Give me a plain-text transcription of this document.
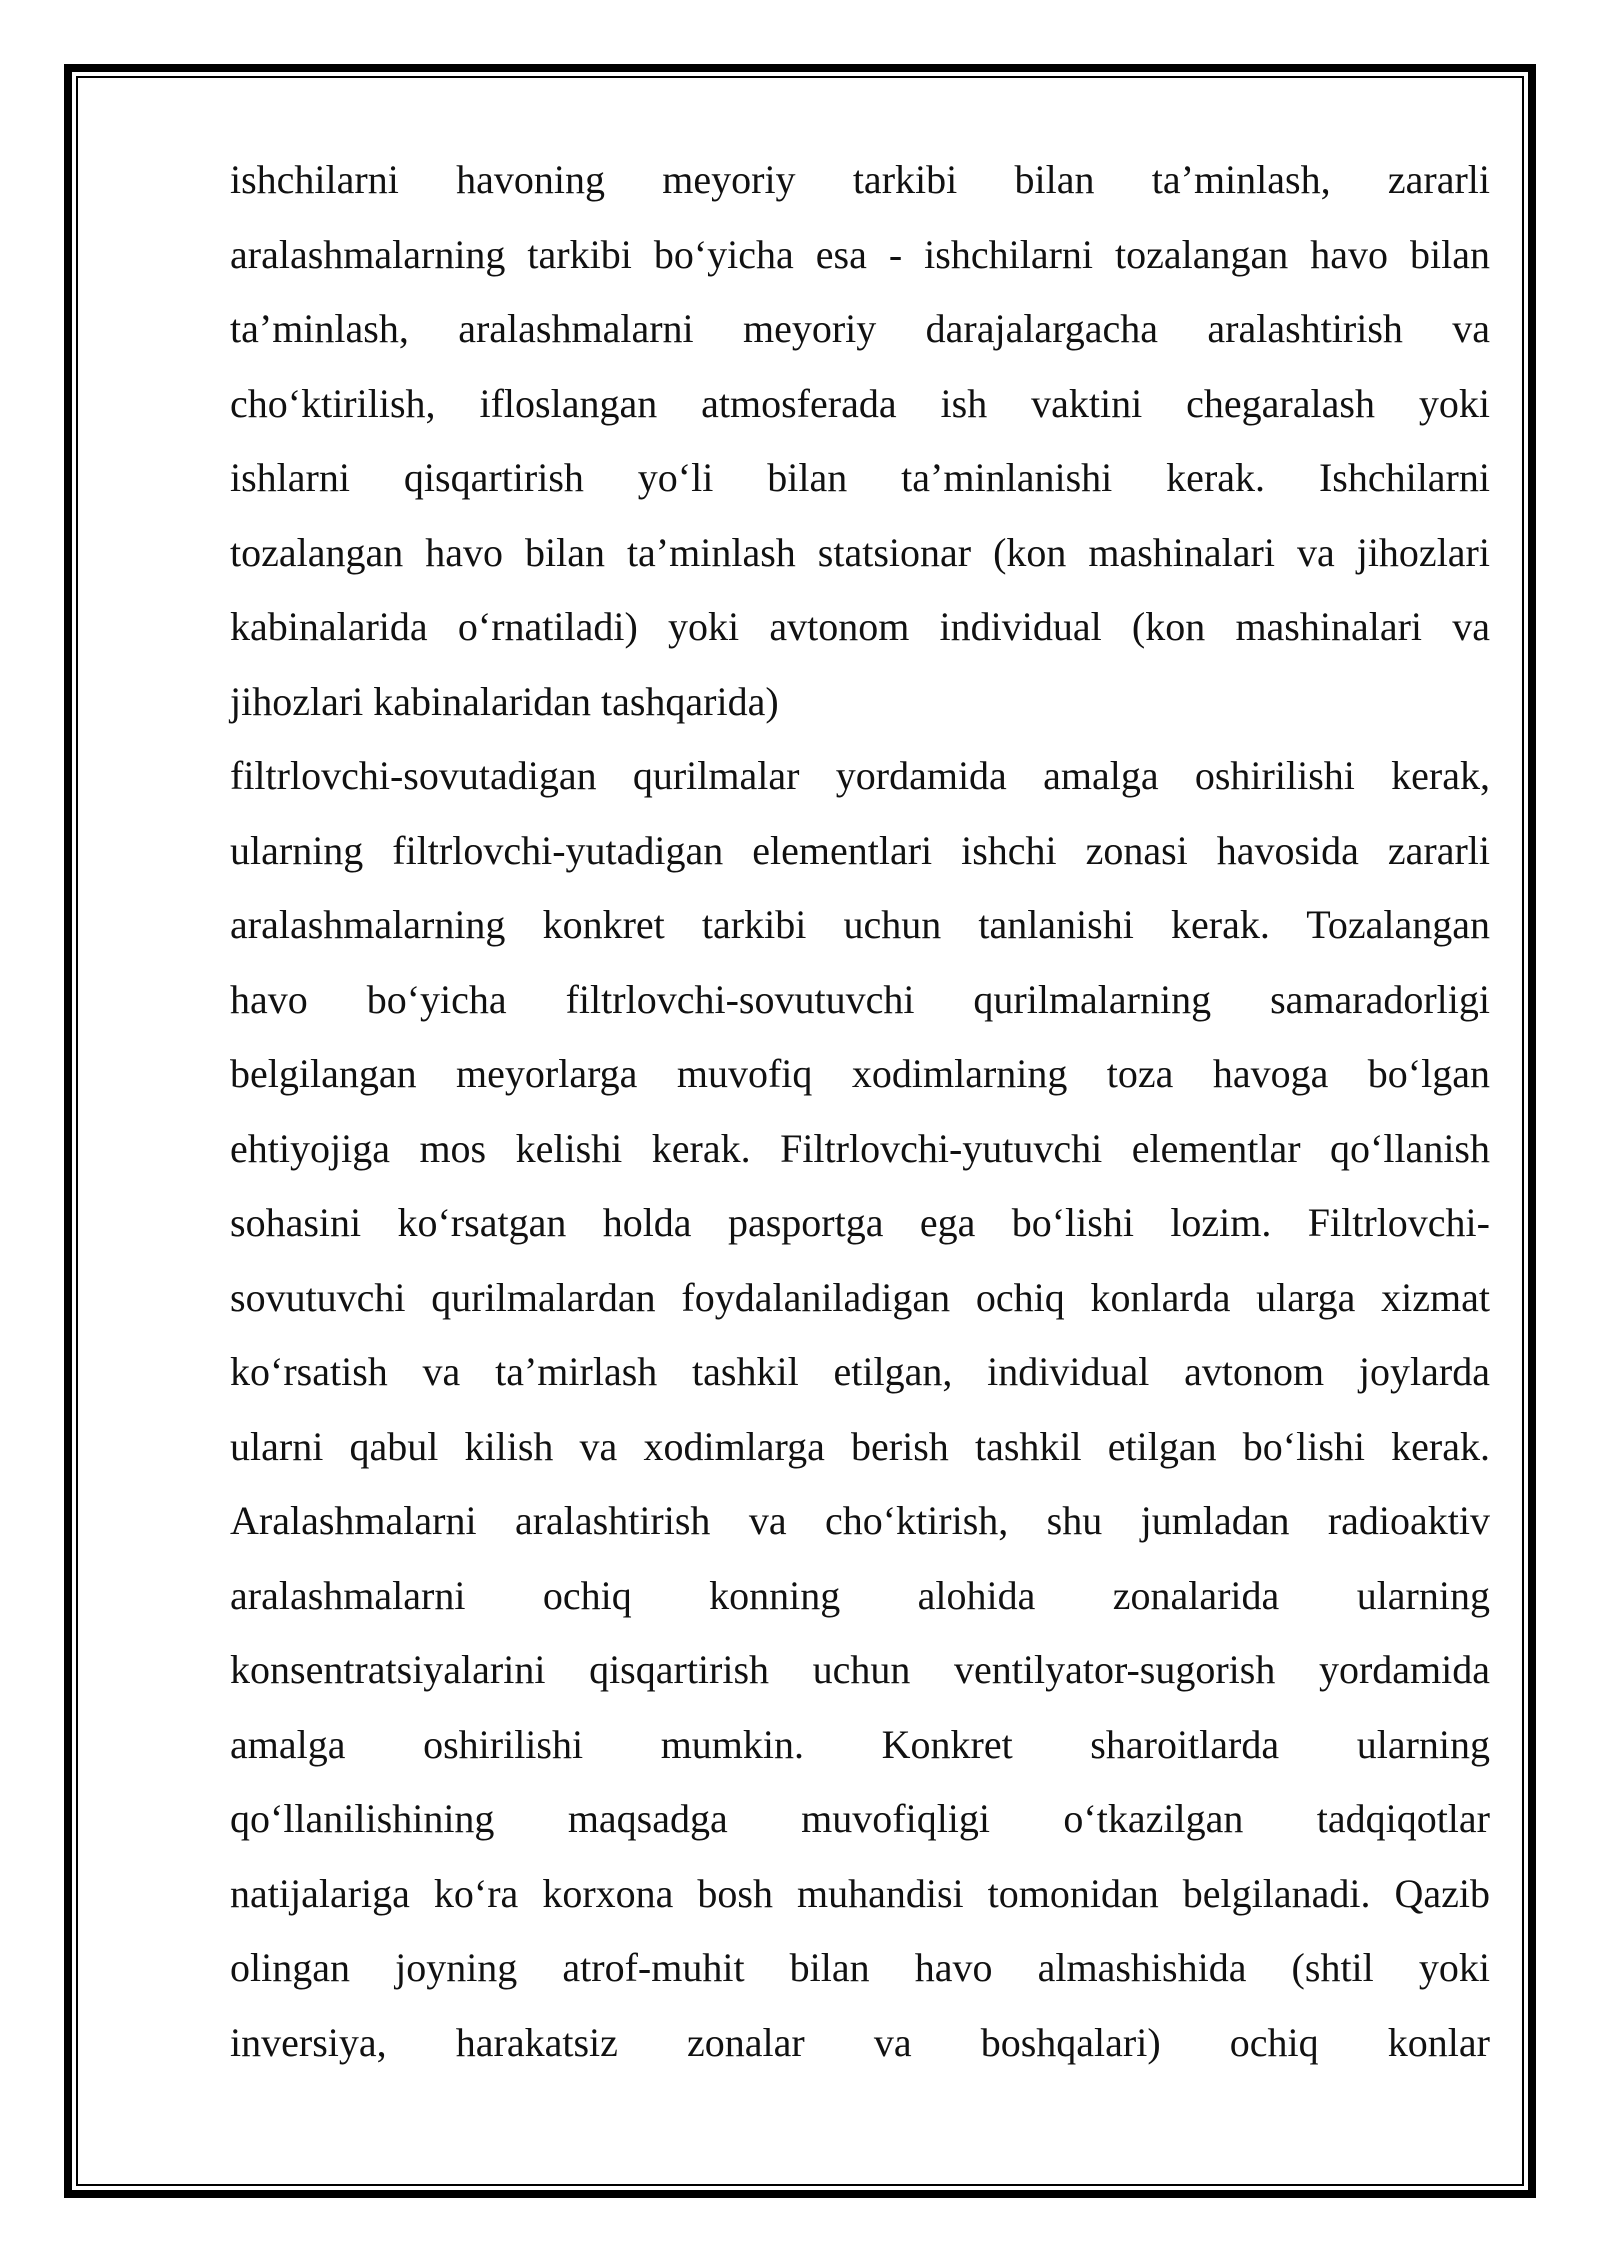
ishchilarni havoning meyoriy tarkibi bilan ta’minlash, zararli
aralashmalarning tarkibi bo‘yicha esa - ishchilarni tozalangan havo bilan
ta’minlash, aralashmalarni meyoriy darajalargacha aralashtirish va
cho‘ktirilish, ifloslangan atmosferada ish vaktini chegaralash yoki
ishlarni qisqartirish yo‘li bilan ta’minlanishi kerak. Ishchilarni
tozalangan havo bilan ta’minlash statsionar (kon mashinalari va jihozlari
kabinalarida o‘rnatiladi) yoki avtonom individual (kon mashinalari va
jihozlari kabinalaridan tashqarida)
filtrlovchi-sovutadigan qurilmalar yordamida amalga oshirilishi kerak,
ularning filtrlovchi-yutadigan elementlari ishchi zonasi havosida zararli
aralashmalarning konkret tarkibi uchun tanlanishi kerak. Tozalangan
havo bo‘yicha filtrlovchi-sovutuvchi qurilmalarning samaradorligi
belgilangan meyorlarga muvofiq xodimlarning toza havoga bo‘lgan
ehtiyojiga mos kelishi kerak. Filtrlovchi-yutuvchi elementlar qo‘llanish
sohasini ko‘rsatgan holda pasportga ega bo‘lishi lozim. Filtrlovchi-
sovutuvchi qurilmalardan foydalaniladigan ochiq konlarda ularga xizmat
ko‘rsatish va ta’mirlash tashkil etilgan, individual avtonom joylarda
ularni qabul kilish va xodimlarga berish tashkil etilgan bo‘lishi kerak.
Aralashmalarni aralashtirish va cho‘ktirish, shu jumladan radioaktiv
aralashmalarni ochiq konning alohida zonalarida ularning
konsentratsiyalarini qisqartirish uchun ventilyator-sugorish yordamida
amalga oshirilishi mumkin. Konkret sharoitlarda ularning
qo‘llanilishining maqsadga muvofiqligi o‘tkazilgan tadqiqotlar
natijalariga ko‘ra korxona bosh muhandisi tomonidan belgilanadi. Qazib
olingan joyning atrof-muhit bilan havo almashishida (shtil yoki
inversiya, harakatsiz zonalar va boshqalari) ochiq konlar
